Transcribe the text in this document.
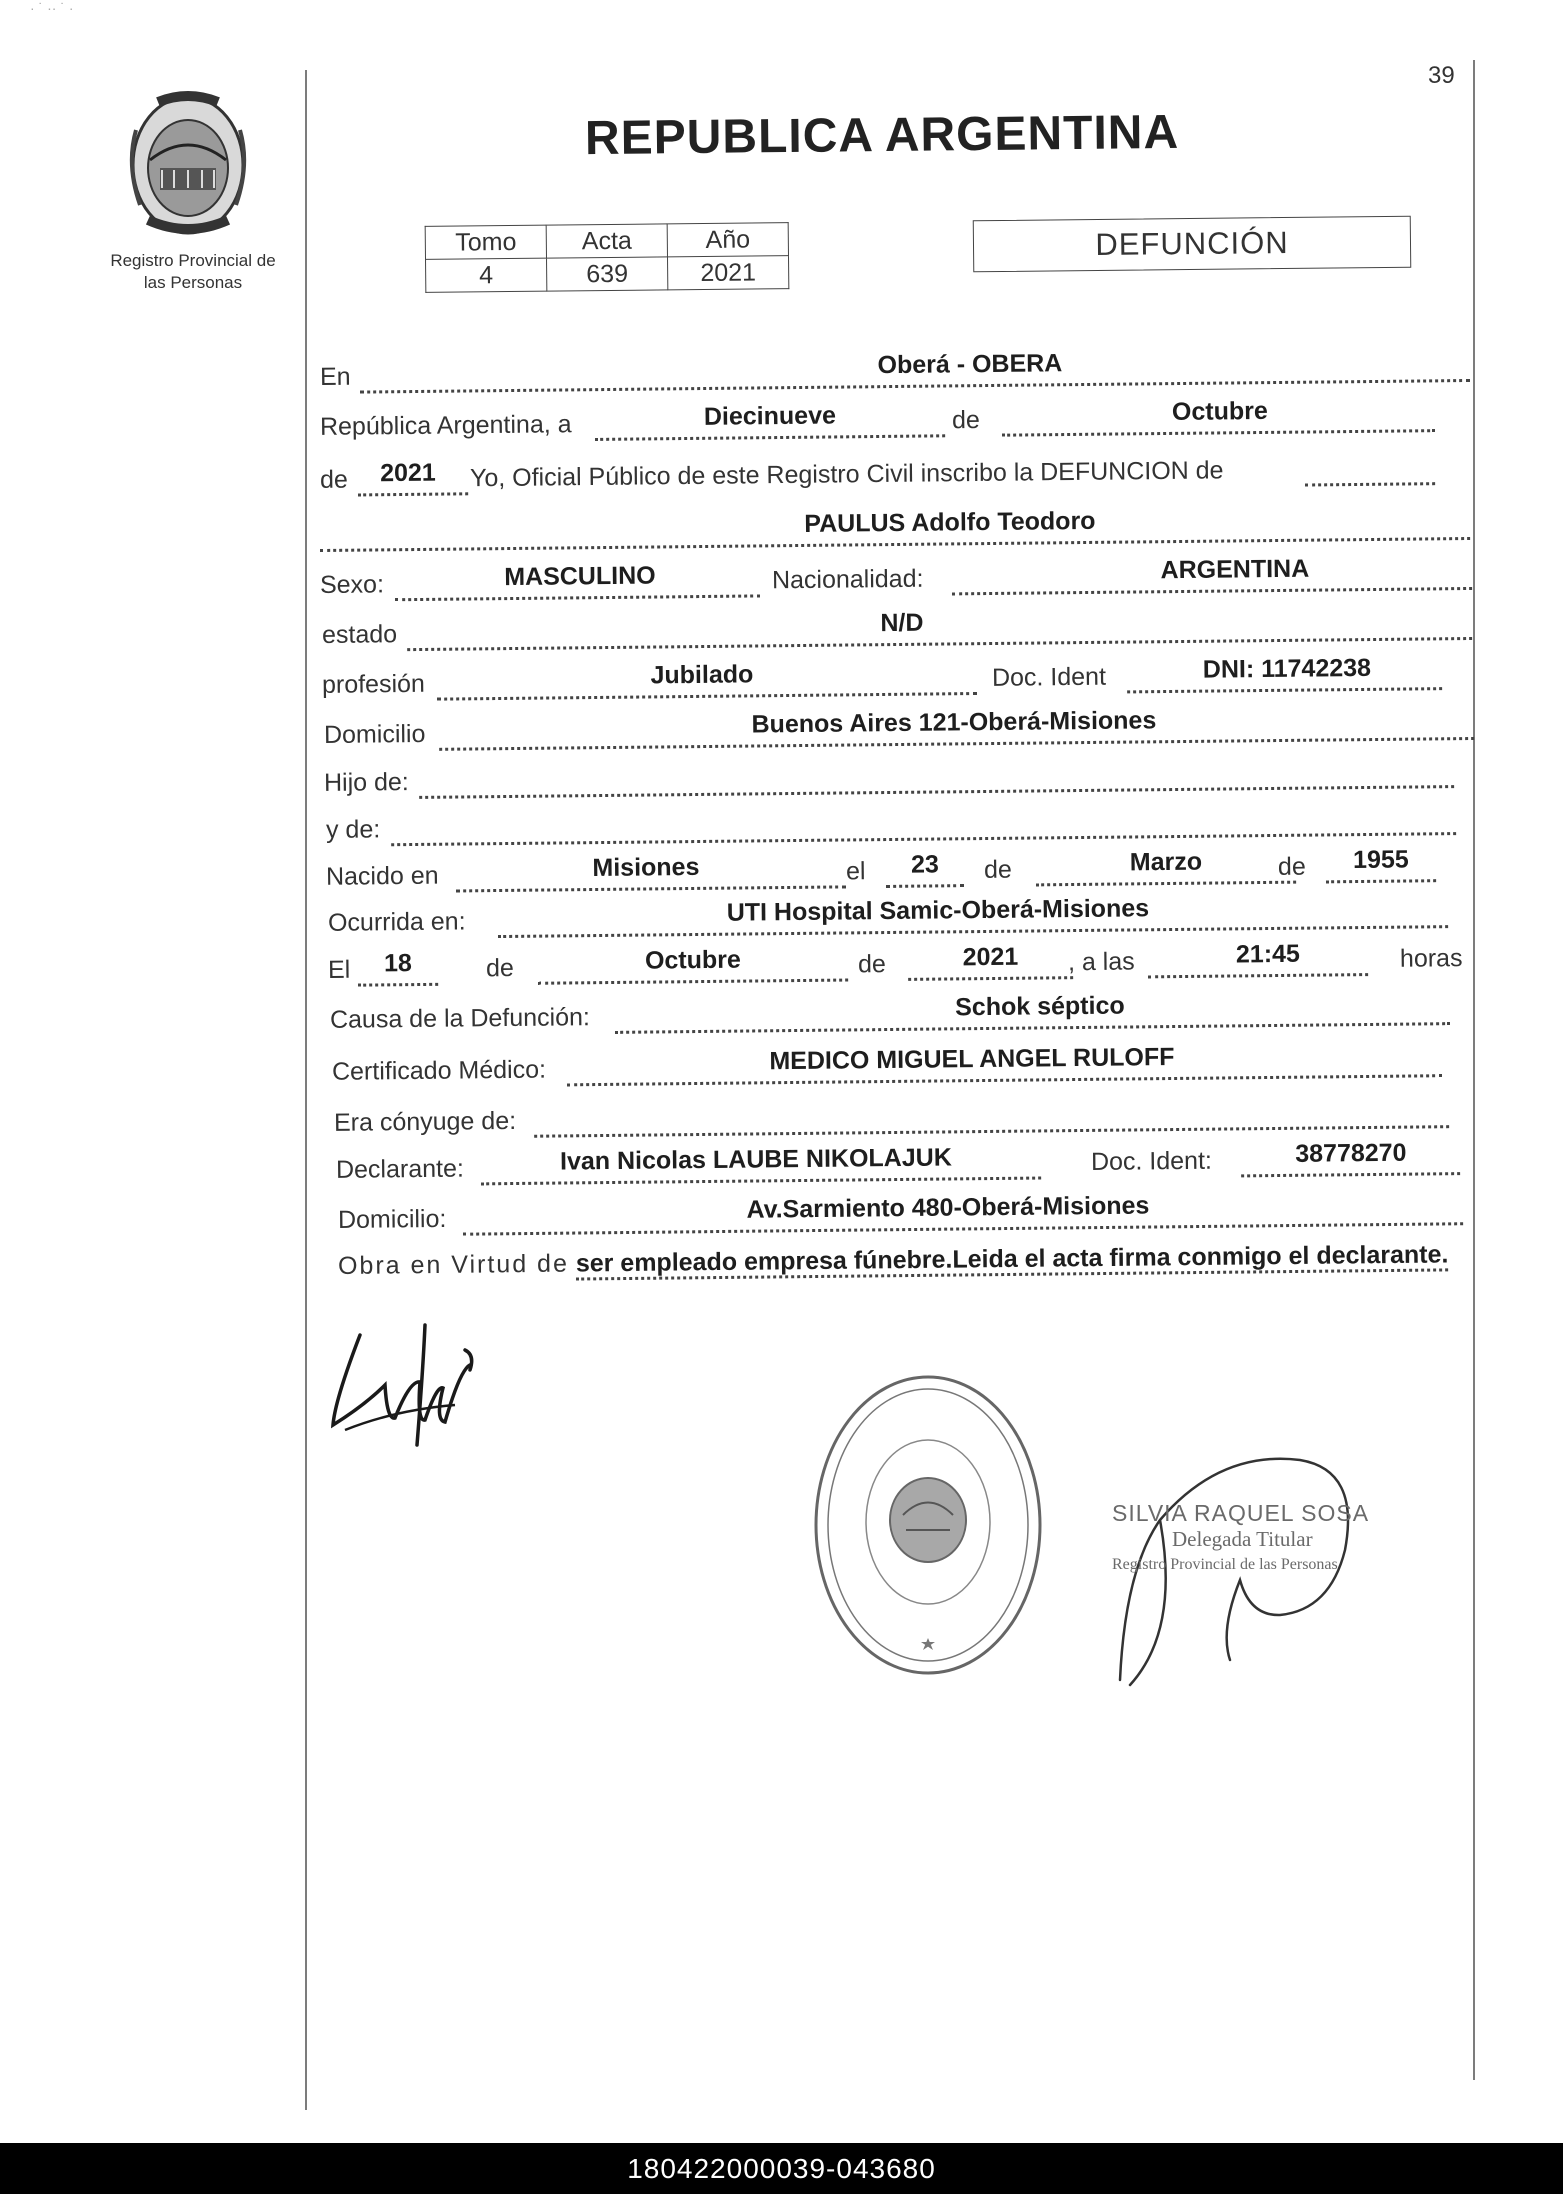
· ˙ ·· ˙ ·
39
Registro Provincial de
las Personas
REPUBLICA ARGENTINA
Tomo	Acta	Año
4	639	2021
DEFUNCIÓN
En	Oberá - OBERA
República Argentina, a	Diecinueve	de	Octubre
de	2021	Yo, Oficial Público de este Registro Civil inscribo la DEFUNCION de
PAULUS Adolfo Teodoro
Sexo:	MASCULINO	Nacionalidad:	ARGENTINA
estado	N/D
profesión	Jubilado	Doc. Ident	DNI: 11742238
Domicilio	Buenos Aires 121-Oberá-Misiones
Hijo de:
y de:
Nacido en	Misiones	el	23	de	Marzo	de	1955
Ocurrida en:	UTI Hospital Samic-Oberá-Misiones
El	18	de	Octubre	de	2021	, a las	21:45	horas
Causa de la Defunción:	Schok séptico
Certificado Médico:	MEDICO MIGUEL ANGEL RULOFF
Era cónyuge de:
Declarante:	Ivan Nicolas LAUBE NIKOLAJUK	Doc. Ident:	38778270
Domicilio:	Av.Sarmiento 480-Oberá-Misiones
Obra en Virtud de ser empleado empresa fúnebre.Leida el acta firma conmigo el declarante.
SILVIA RAQUEL SOSA
Delegada Titular
Registro Provincial de las Personas
180422000039-043680
